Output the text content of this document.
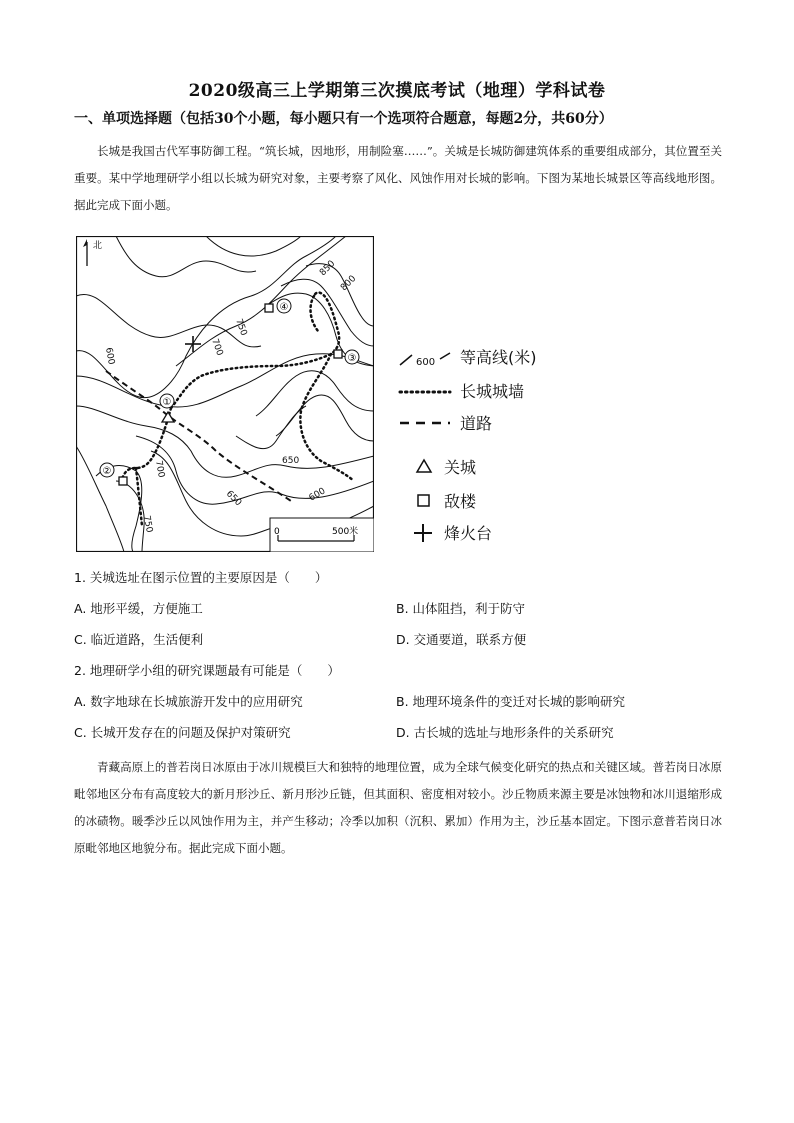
2020级高三上学期第三次摸底考试（地理）学科试卷
一、单项选择题（包括30个小题，每小题只有一个选项符合题意，每题2分，共60分）
长城是我国古代军事防御工程。“筑长城，因地形，用制险塞……”。关城是长城防御建筑体系的重要组成部分，其位置至关重要。某中学地理研学小组以长城为研究对象，主要考察了风化、风蚀作用对长城的影响。下图为某地长城景区等高线地形图。据此完成下面小题。
北
①
②
③
④
600	700
750
850
800
650
600
700
650
750	0	500米
600 等高线(米)
长城城墙
道路
关城
敌楼
烽火台
1. 关城选址在图示位置的主要原因是（　　）
A. 地形平缓，方便施工	B. 山体阻挡，利于防守
C. 临近道路，生活便利	D. 交通要道，联系方便
2. 地理研学小组的研究课题最有可能是（　　）
A. 数字地球在长城旅游开发中的应用研究	B. 地理环境条件的变迁对长城的影响研究
C. 长城开发存在的问题及保护对策研究	D. 古长城的选址与地形条件的关系研究
青藏高原上的普若岗日冰原由于冰川规模巨大和独特的地理位置，成为全球气候变化研究的热点和关键区域。普若岗日冰原毗邻地区分布有高度较大的新月形沙丘、新月形沙丘链，但其面积、密度相对较小。沙丘物质来源主要是冰蚀物和冰川退缩形成的冰碛物。暖季沙丘以风蚀作用为主，并产生移动；冷季以加积（沉积、累加）作用为主，沙丘基本固定。下图示意普若岗日冰原毗邻地区地貌分布。据此完成下面小题。
